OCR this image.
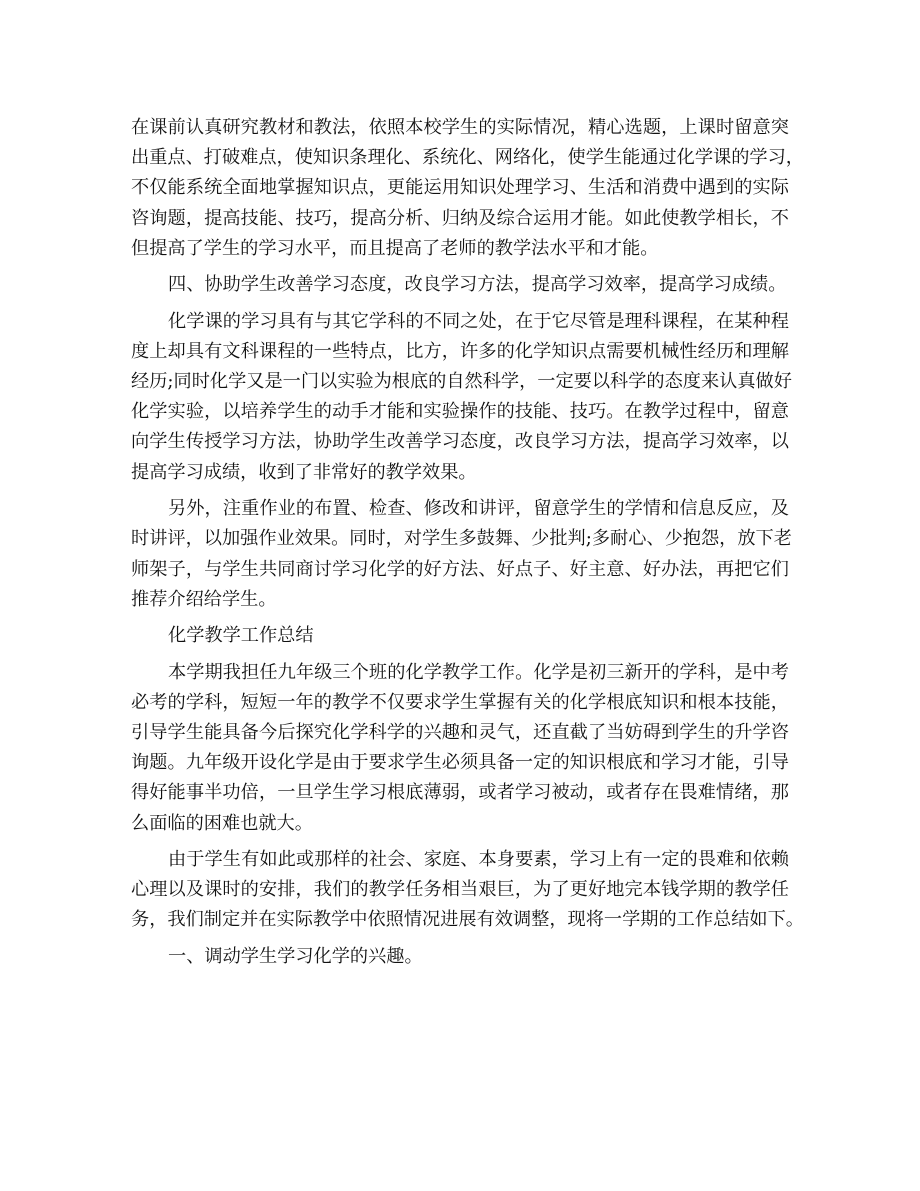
在课前认真研究教材和教法，依照本校学生的实际情况，精心选题，上课时留意突
出重点、打破难点，使知识条理化、系统化、网络化，使学生能通过化学课的学习，
不仅能系统全面地掌握知识点，更能运用知识处理学习、生活和消费中遇到的实际
咨询题，提高技能、技巧，提高分析、归纳及综合运用才能。如此使教学相长，不
但提高了学生的学习水平，而且提高了老师的教学法水平和才能。
四、协助学生改善学习态度，改良学习方法，提高学习效率，提高学习成绩。
化学课的学习具有与其它学科的不同之处，在于它尽管是理科课程，在某种程
度上却具有文科课程的一些特点，比方，许多的化学知识点需要机械性经历和理解
经历;同时化学又是一门以实验为根底的自然科学，一定要以科学的态度来认真做好
化学实验，以培养学生的动手才能和实验操作的技能、技巧。在教学过程中，留意
向学生传授学习方法，协助学生改善学习态度，改良学习方法，提高学习效率，以
提高学习成绩，收到了非常好的教学效果。
另外，注重作业的布置、检查、修改和讲评，留意学生的学情和信息反应，及
时讲评，以加强作业效果。同时，对学生多鼓舞、少批判;多耐心、少抱怨，放下老
师架子，与学生共同商讨学习化学的好方法、好点子、好主意、好办法，再把它们
推荐介绍给学生。
化学教学工作总结
本学期我担任九年级三个班的化学教学工作。化学是初三新开的学科，是中考
必考的学科，短短一年的教学不仅要求学生掌握有关的化学根底知识和根本技能，
引导学生能具备今后探究化学科学的兴趣和灵气，还直截了当妨碍到学生的升学咨
询题。九年级开设化学是由于要求学生必须具备一定的知识根底和学习才能，引导
得好能事半功倍，一旦学生学习根底薄弱，或者学习被动，或者存在畏难情绪，那
么面临的困难也就大。
由于学生有如此或那样的社会、家庭、本身要素，学习上有一定的畏难和依赖
心理以及课时的安排，我们的教学任务相当艰巨，为了更好地完本钱学期的教学任
务，我们制定并在实际教学中依照情况进展有效调整，现将一学期的工作总结如下。
一、调动学生学习化学的兴趣。
